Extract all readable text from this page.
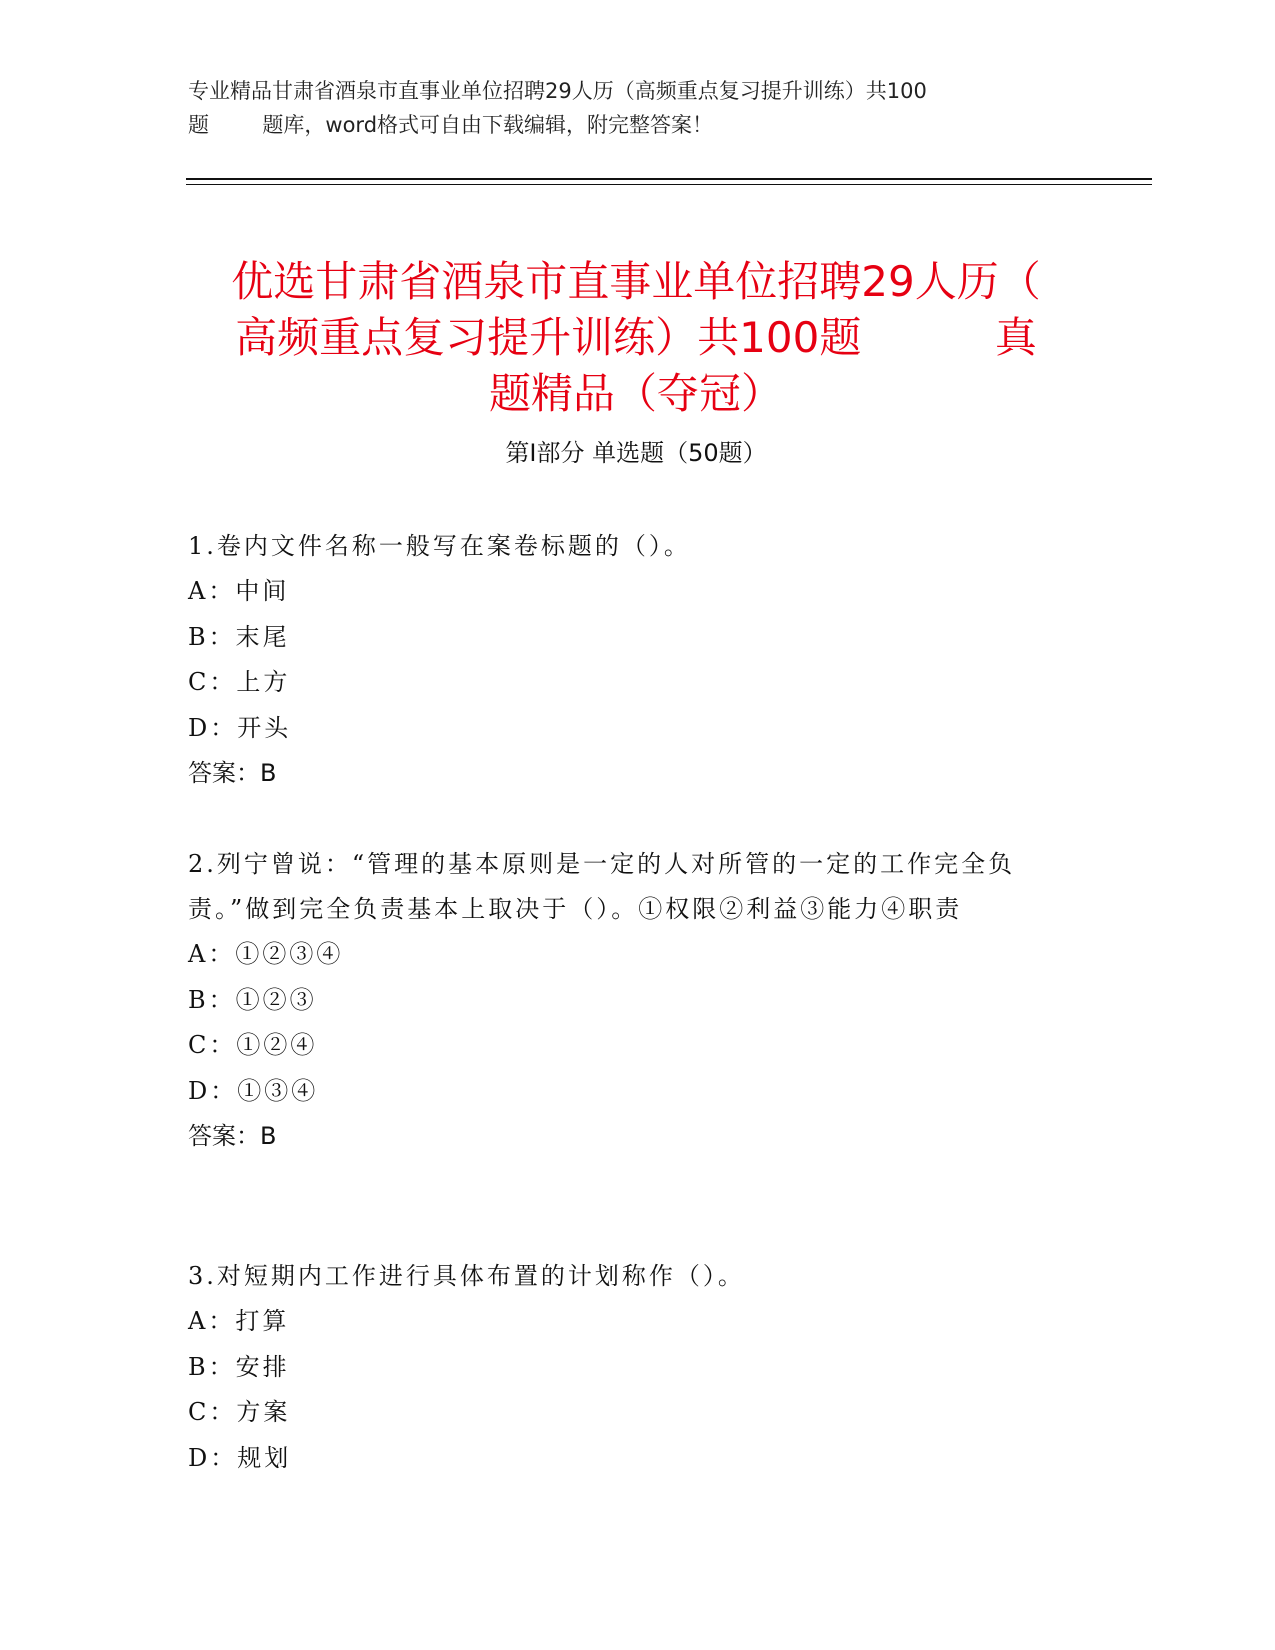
专业精品甘肃省酒泉市直事业单位招聘29人历（高频重点复习提升训练）共100
题        题库，word格式可自由下载编辑，附完整答案！
优选甘肃省酒泉市直事业单位招聘29人历（
高频重点复习提升训练）共100题          真
题精品（夺冠）
第Ⅰ部分 单选题（50题）
1.卷内文件名称一般写在案卷标题的（）。
A：中间
B：末尾
C：上方
D：开头
答案：B
2.列宁曾说：“管理的基本原则是一定的人对所管的一定的工作完全负责。”做到完全负责基本上取决于（）。①权限②利益③能力④职责
A：①②③④
B：①②③
C：①②④
D：①③④
答案：B
3.对短期内工作进行具体布置的计划称作（）。
A：打算
B：安排
C：方案
D：规划
